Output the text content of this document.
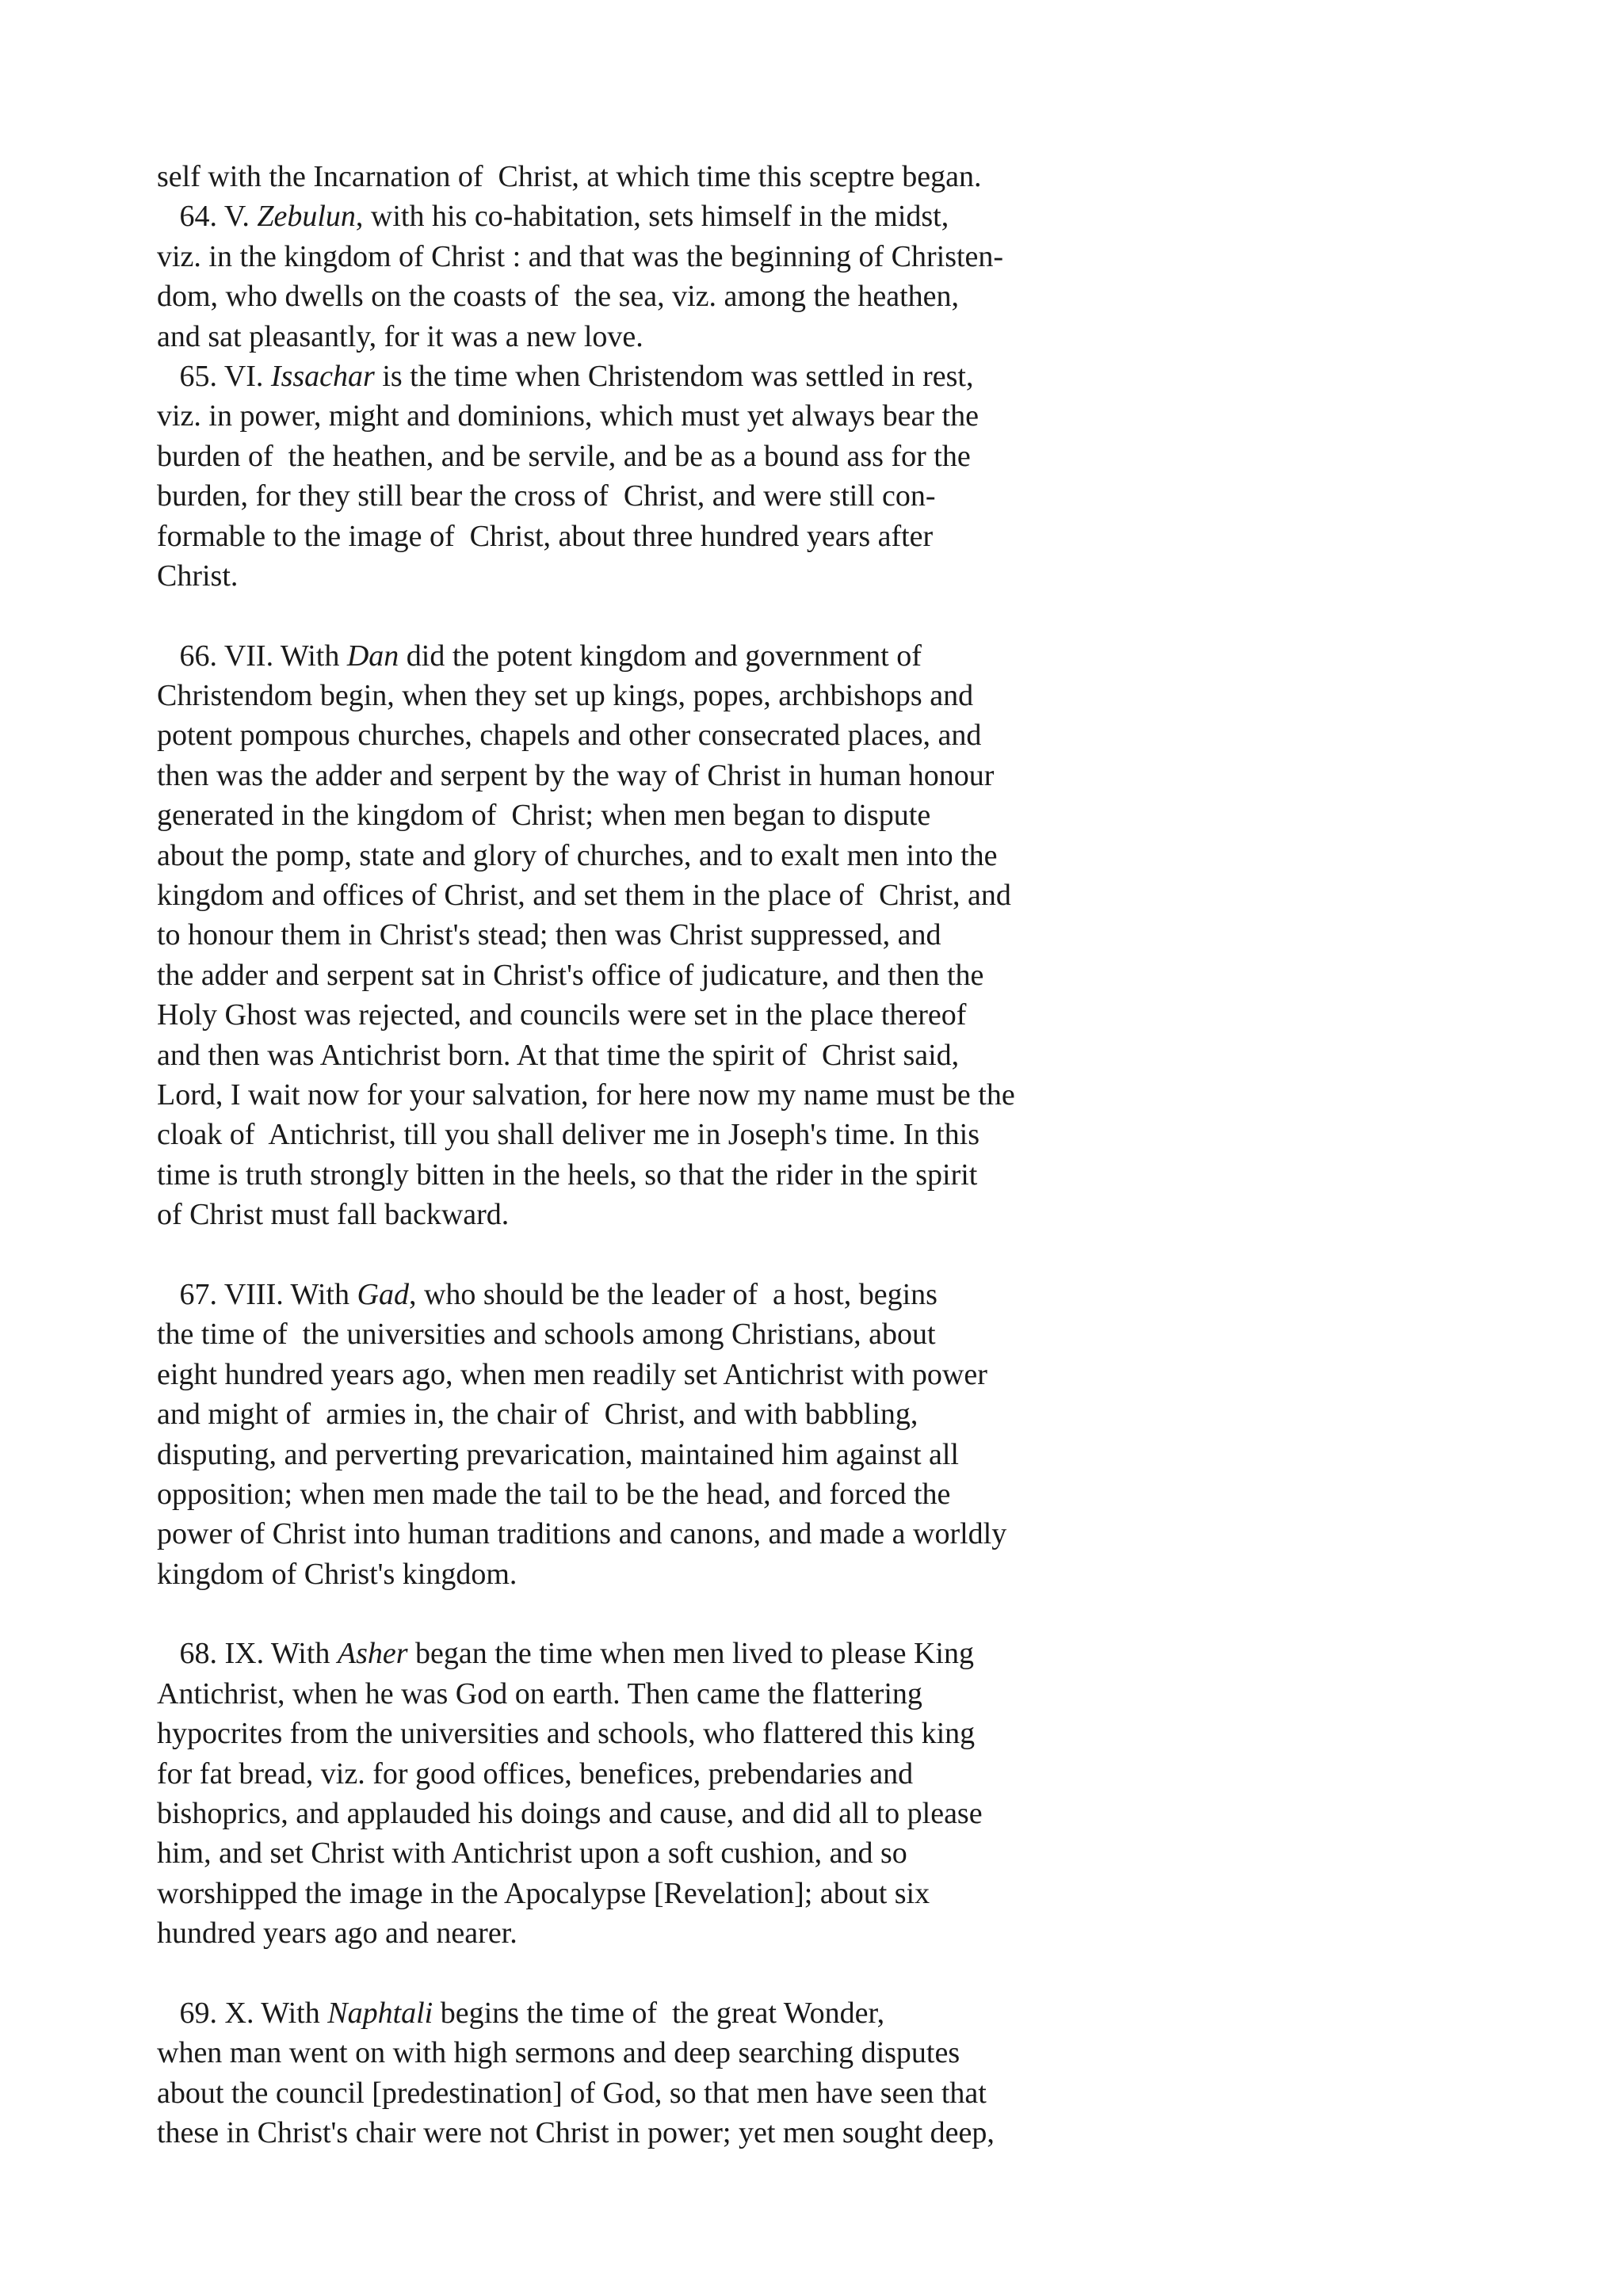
self with the Incarnation of  Christ, at which time this sceptre began.
64. V. Zebulun, with his co-habitation, sets himself in the midst,
viz. in the kingdom of Christ : and that was the beginning of Christen-
dom, who dwells on the coasts of  the sea, viz. among the heathen,
and sat pleasantly, for it was a new love.
65. VI. Issachar is the time when Christendom was settled in rest,
viz. in power, might and dominions, which must yet always bear the
burden of  the heathen, and be servile, and be as a bound ass for the
burden, for they still bear the cross of  Christ, and were still con-
formable to the image of  Christ, about three hundred years after
Christ.
66. VII. With Dan did the potent kingdom and government of
Christendom begin, when they set up kings, popes, archbishops and
potent pompous churches, chapels and other consecrated places, and
then was the adder and serpent by the way of Christ in human honour
generated in the kingdom of  Christ; when men began to dispute
about the pomp, state and glory of churches, and to exalt men into the
kingdom and offices of Christ, and set them in the place of  Christ, and
to honour them in Christ's stead; then was Christ suppressed, and
the adder and serpent sat in Christ's office of judicature, and then the
Holy Ghost was rejected, and councils were set in the place thereof
and then was Antichrist born. At that time the spirit of  Christ said,
Lord, I wait now for your salvation, for here now my name must be the
cloak of  Antichrist, till you shall deliver me in Joseph's time. In this
time is truth strongly bitten in the heels, so that the rider in the spirit
of Christ must fall backward.
67. VIII. With Gad, who should be the leader of  a host, begins
the time of  the universities and schools among Christians, about
eight hundred years ago, when men readily set Antichrist with power
and might of  armies in, the chair of  Christ, and with babbling,
disputing, and perverting prevarication, maintained him against all
opposition; when men made the tail to be the head, and forced the
power of Christ into human traditions and canons, and made a worldly
kingdom of Christ's kingdom.
68. IX. With Asher began the time when men lived to please King
Antichrist, when he was God on earth. Then came the flattering
hypocrites from the universities and schools, who flattered this king
for fat bread, viz. for good offices, benefices, prebendaries and
bishoprics, and applauded his doings and cause, and did all to please
him, and set Christ with Antichrist upon a soft cushion, and so
worshipped the image in the Apocalypse [Revelation]; about six
hundred years ago and nearer.
69. X. With Naphtali begins the time of  the great Wonder,
when man went on with high sermons and deep searching disputes
about the council [predestination] of God, so that men have seen that
these in Christ's chair were not Christ in power; yet men sought deep,
